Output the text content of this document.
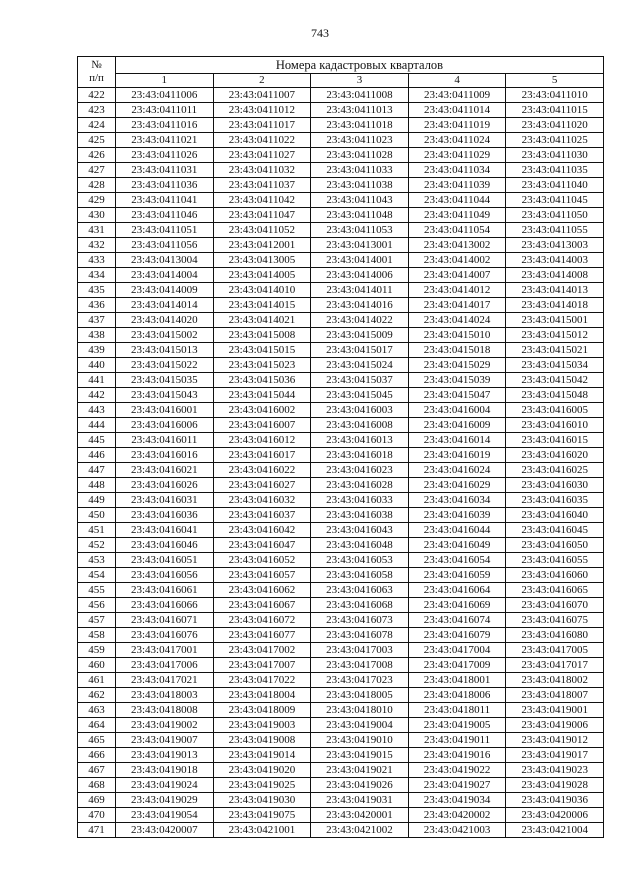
743
№
п/п	Номера кадастровых кварталов				
	1	2	3	4	5
422	23:43:0411006	23:43:0411007	23:43:0411008	23:43:0411009	23:43:0411010
423	23:43:0411011	23:43:0411012	23:43:0411013	23:43:0411014	23:43:0411015
424	23:43:0411016	23:43:0411017	23:43:0411018	23:43:0411019	23:43:0411020
425	23:43:0411021	23:43:0411022	23:43:0411023	23:43:0411024	23:43:0411025
426	23:43:0411026	23:43:0411027	23:43:0411028	23:43:0411029	23:43:0411030
427	23:43:0411031	23:43:0411032	23:43:0411033	23:43:0411034	23:43:0411035
428	23:43:0411036	23:43:0411037	23:43:0411038	23:43:0411039	23:43:0411040
429	23:43:0411041	23:43:0411042	23:43:0411043	23:43:0411044	23:43:0411045
430	23:43:0411046	23:43:0411047	23:43:0411048	23:43:0411049	23:43:0411050
431	23:43:0411051	23:43:0411052	23:43:0411053	23:43:0411054	23:43:0411055
432	23:43:0411056	23:43:0412001	23:43:0413001	23:43:0413002	23:43:0413003
433	23:43:0413004	23:43:0413005	23:43:0414001	23:43:0414002	23:43:0414003
434	23:43:0414004	23:43:0414005	23:43:0414006	23:43:0414007	23:43:0414008
435	23:43:0414009	23:43:0414010	23:43:0414011	23:43:0414012	23:43:0414013
436	23:43:0414014	23:43:0414015	23:43:0414016	23:43:0414017	23:43:0414018
437	23:43:0414020	23:43:0414021	23:43:0414022	23:43:0414024	23:43:0415001
438	23:43:0415002	23:43:0415008	23:43:0415009	23:43:0415010	23:43:0415012
439	23:43:0415013	23:43:0415015	23:43:0415017	23:43:0415018	23:43:0415021
440	23:43:0415022	23:43:0415023	23:43:0415024	23:43:0415029	23:43:0415034
441	23:43:0415035	23:43:0415036	23:43:0415037	23:43:0415039	23:43:0415042
442	23:43:0415043	23:43:0415044	23:43:0415045	23:43:0415047	23:43:0415048
443	23:43:0416001	23:43:0416002	23:43:0416003	23:43:0416004	23:43:0416005
444	23:43:0416006	23:43:0416007	23:43:0416008	23:43:0416009	23:43:0416010
445	23:43:0416011	23:43:0416012	23:43:0416013	23:43:0416014	23:43:0416015
446	23:43:0416016	23:43:0416017	23:43:0416018	23:43:0416019	23:43:0416020
447	23:43:0416021	23:43:0416022	23:43:0416023	23:43:0416024	23:43:0416025
448	23:43:0416026	23:43:0416027	23:43:0416028	23:43:0416029	23:43:0416030
449	23:43:0416031	23:43:0416032	23:43:0416033	23:43:0416034	23:43:0416035
450	23:43:0416036	23:43:0416037	23:43:0416038	23:43:0416039	23:43:0416040
451	23:43:0416041	23:43:0416042	23:43:0416043	23:43:0416044	23:43:0416045
452	23:43:0416046	23:43:0416047	23:43:0416048	23:43:0416049	23:43:0416050
453	23:43:0416051	23:43:0416052	23:43:0416053	23:43:0416054	23:43:0416055
454	23:43:0416056	23:43:0416057	23:43:0416058	23:43:0416059	23:43:0416060
455	23:43:0416061	23:43:0416062	23:43:0416063	23:43:0416064	23:43:0416065
456	23:43:0416066	23:43:0416067	23:43:0416068	23:43:0416069	23:43:0416070
457	23:43:0416071	23:43:0416072	23:43:0416073	23:43:0416074	23:43:0416075
458	23:43:0416076	23:43:0416077	23:43:0416078	23:43:0416079	23:43:0416080
459	23:43:0417001	23:43:0417002	23:43:0417003	23:43:0417004	23:43:0417005
460	23:43:0417006	23:43:0417007	23:43:0417008	23:43:0417009	23:43:0417017
461	23:43:0417021	23:43:0417022	23:43:0417023	23:43:0418001	23:43:0418002
462	23:43:0418003	23:43:0418004	23:43:0418005	23:43:0418006	23:43:0418007
463	23:43:0418008	23:43:0418009	23:43:0418010	23:43:0418011	23:43:0419001
464	23:43:0419002	23:43:0419003	23:43:0419004	23:43:0419005	23:43:0419006
465	23:43:0419007	23:43:0419008	23:43:0419010	23:43:0419011	23:43:0419012
466	23:43:0419013	23:43:0419014	23:43:0419015	23:43:0419016	23:43:0419017
467	23:43:0419018	23:43:0419020	23:43:0419021	23:43:0419022	23:43:0419023
468	23:43:0419024	23:43:0419025	23:43:0419026	23:43:0419027	23:43:0419028
469	23:43:0419029	23:43:0419030	23:43:0419031	23:43:0419034	23:43:0419036
470	23:43:0419054	23:43:0419075	23:43:0420001	23:43:0420002	23:43:0420006
471	23:43:0420007	23:43:0421001	23:43:0421002	23:43:0421003	23:43:0421004
